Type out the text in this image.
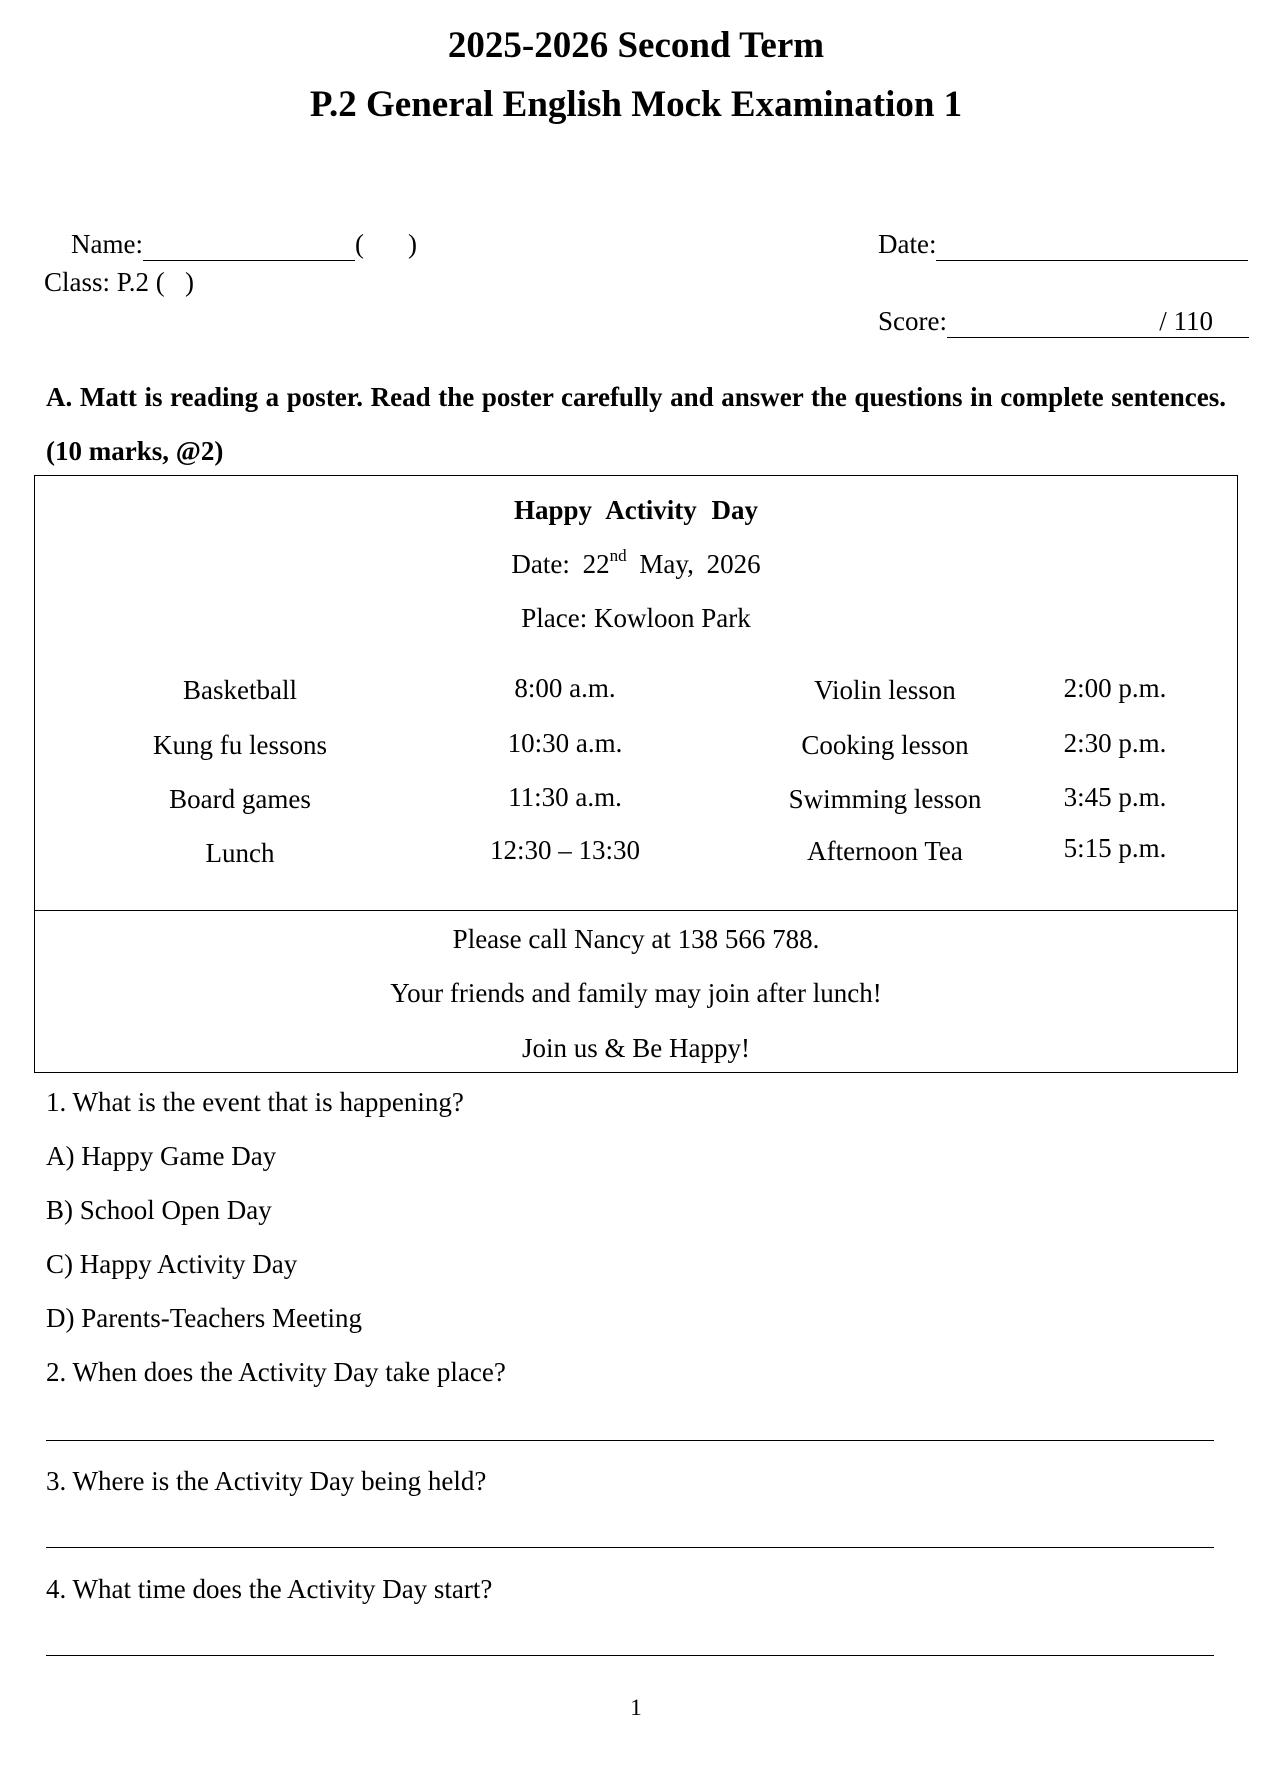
2025-2026 Second Term
P.2 General English Mock Examination 1

Name:	( )
	Date:

Class: P.2 (   )

Score:	/ 110

A. Matt is reading a poster. Read the poster carefully and answer the questions in complete sentences. (10 marks, @2)
Happy Activity Day
Date: 22nd May, 2026
Place: Kowloon Park
Basketball	8:00 a.m.	Violin lesson	2:00 p.m.
Kung fu lessons	10:30 a.m.	Cooking lesson	2:30 p.m.
Board games	11:30 a.m.	Swimming lesson	3:45 p.m.
Lunch	12:30 – 13:30	Afternoon Tea	5:15 p.m.
Please call Nancy at 138 566 788.
Your friends and family may join after lunch!
Join us & Be Happy!
1. What is the event that is happening?
A) Happy Game Day
B) School Open Day
C) Happy Activity Day
D) Parents-Teachers Meeting
2. When does the Activity Day take place?
3. Where is the Activity Day being held?
4. What time does the Activity Day start?
1
